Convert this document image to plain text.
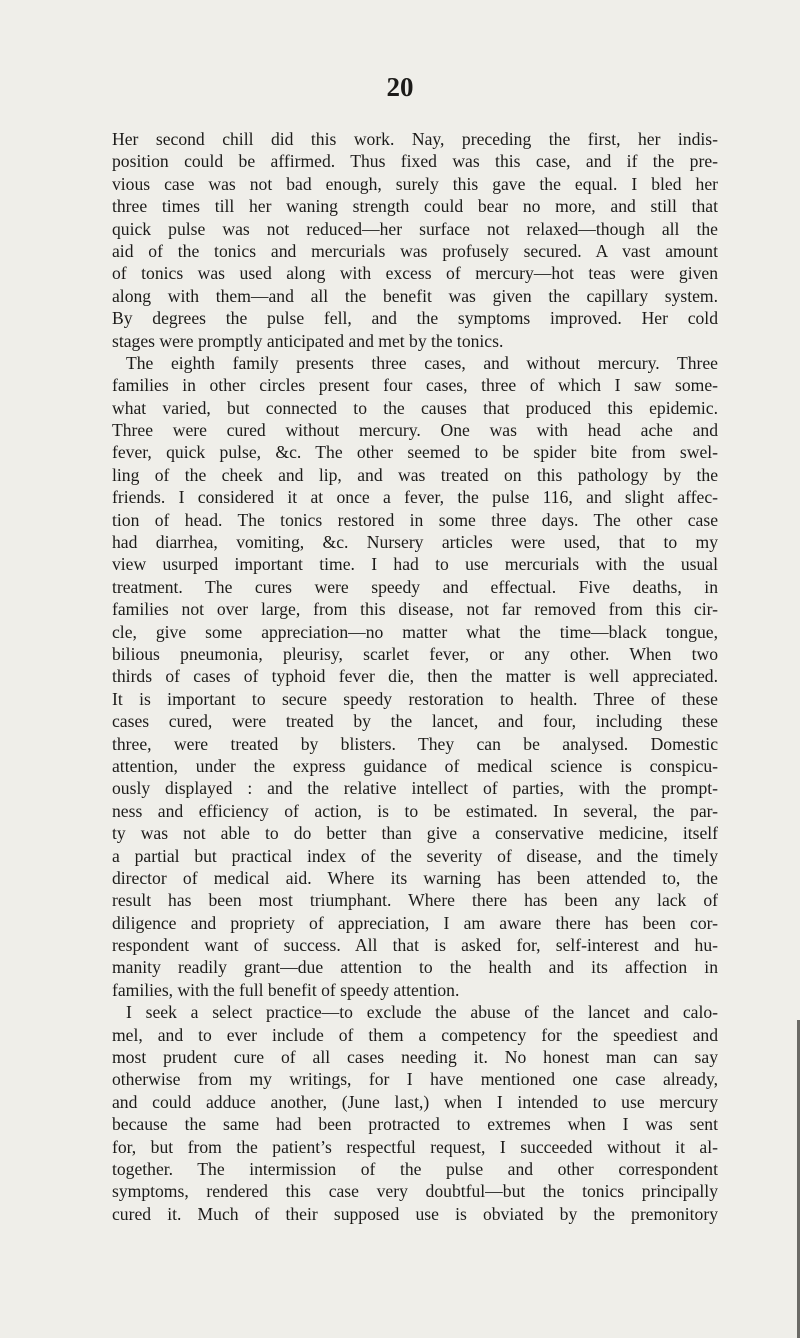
20
Her second chill did this work. Nay, preceding the first, her indis-
position could be affirmed. Thus fixed was this case, and if the pre-
vious case was not bad enough, surely this gave the equal. I bled her
three times till her waning strength could bear no more, and still that
quick pulse was not reduced—her surface not relaxed—though all the
aid of the tonics and mercurials was profusely secured. A vast amount
of tonics was used along with excess of mercury—hot teas were given
along with them—and all the benefit was given the capillary system.
By degrees the pulse fell, and the symptoms improved. Her cold
stages were promptly anticipated and met by the tonics.
The eighth family presents three cases, and without mercury. Three
families in other circles present four cases, three of which I saw some-
what varied, but connected to the causes that produced this epidemic.
Three were cured without mercury. One was with head ache and
fever, quick pulse, &c. The other seemed to be spider bite from swel-
ling of the cheek and lip, and was treated on this pathology by the
friends. I considered it at once a fever, the pulse 116, and slight affec-
tion of head. The tonics restored in some three days. The other case
had diarrhea, vomiting, &c. Nursery articles were used, that to my
view usurped important time. I had to use mercurials with the usual
treatment. The cures were speedy and effectual. Five deaths, in
families not over large, from this disease, not far removed from this cir-
cle, give some appreciation—no matter what the time—black tongue,
bilious pneumonia, pleurisy, scarlet fever, or any other. When two
thirds of cases of typhoid fever die, then the matter is well appreciated.
It is important to secure speedy restoration to health. Three of these
cases cured, were treated by the lancet, and four, including these
three, were treated by blisters. They can be analysed. Domestic
attention, under the express guidance of medical science is conspicu-
ously displayed : and the relative intellect of parties, with the prompt-
ness and efficiency of action, is to be estimated. In several, the par-
ty was not able to do better than give a conservative medicine, itself
a partial but practical index of the severity of disease, and the timely
director of medical aid. Where its warning has been attended to, the
result has been most triumphant. Where there has been any lack of
diligence and propriety of appreciation, I am aware there has been cor-
respondent want of success. All that is asked for, self-interest and hu-
manity readily grant—due attention to the health and its affection in
families, with the full benefit of speedy attention.
I seek a select practice—to exclude the abuse of the lancet and calo-
mel, and to ever include of them a competency for the speediest and
most prudent cure of all cases needing it. No honest man can say
otherwise from my writings, for I have mentioned one case already,
and could adduce another, (June last,) when I intended to use mercury
because the same had been protracted to extremes when I was sent
for, but from the patient’s respectful request, I succeeded without it al-
together. The intermission of the pulse and other correspondent
symptoms, rendered this case very doubtful—but the tonics principally
cured it. Much of their supposed use is obviated by the premonitory
